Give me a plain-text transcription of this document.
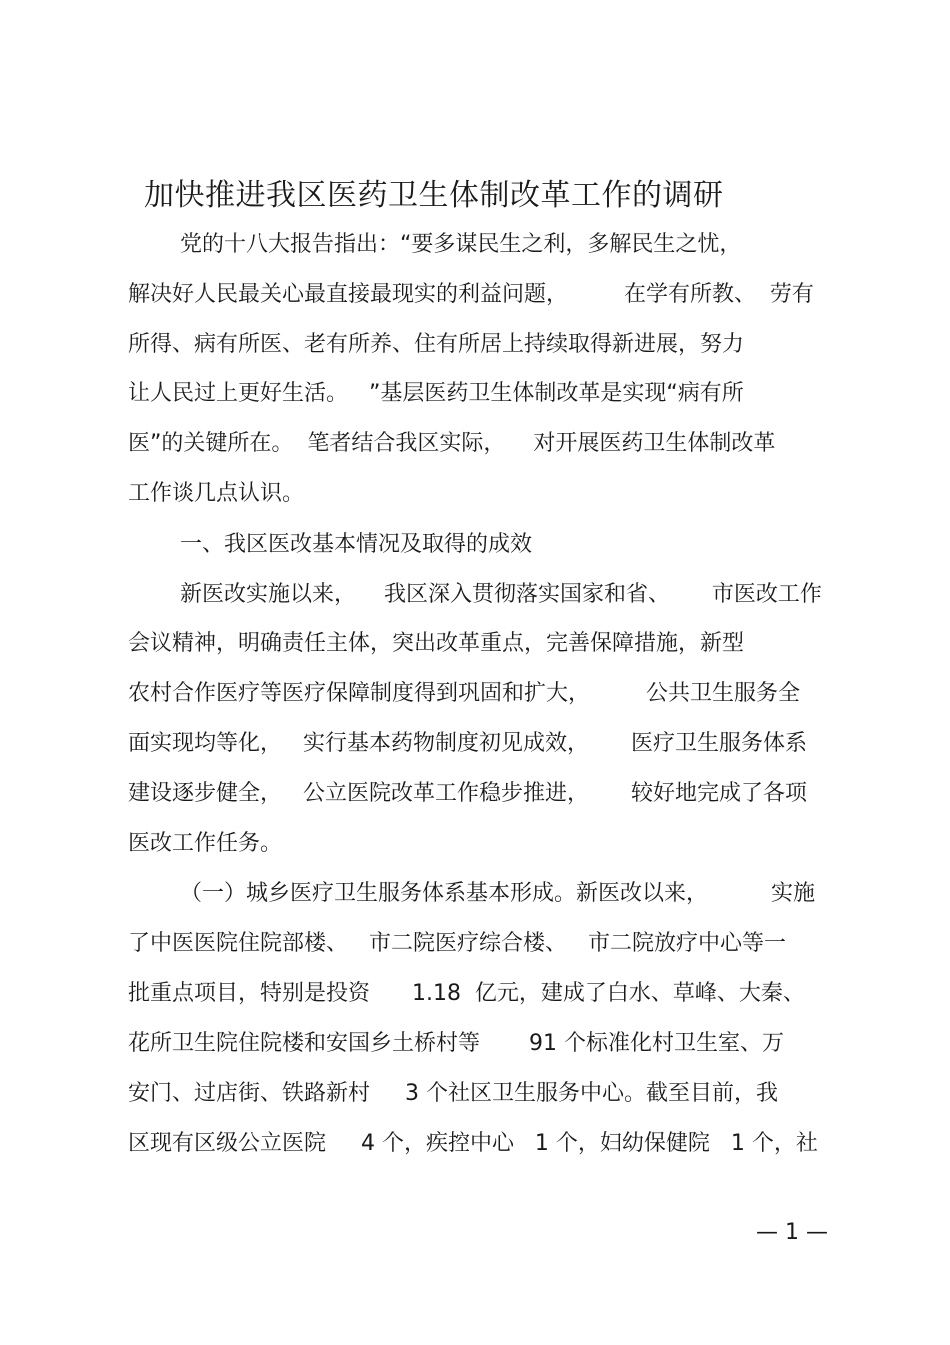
加快推进我区医药卫生体制改革工作的调研
党的十八大报告指出：“要多谋民生之利，多解民生之忧，
解决好人民最关心最直接最现实的利益问题，        在学有所教、  劳有
所得、病有所医、老有所养、住有所居上持续取得新进展，努力
让人民过上更好生活。   ”基层医药卫生体制改革是实现“病有所
医”的关键所在。  笔者结合我区实际，    对开展医药卫生体制改革
工作谈几点认识。
一、我区医改基本情况及取得的成效
新医改实施以来，    我区深入贯彻落实国家和省、      市医改工作
会议精神，明确责任主体，突出改革重点，完善保障措施，新型
农村合作医疗等医疗保障制度得到巩固和扩大，        公共卫生服务全
面实现均等化，   实行基本药物制度初见成效，      医疗卫生服务体系
建设逐步健全，   公立医院改革工作稳步推进，      较好地完成了各项
医改工作任务。
（一）城乡医疗卫生服务体系基本形成。新医改以来，         实施
了中医医院住院部楼、   市二院医疗综合楼、   市二院放疗中心等一
批重点项目，特别是投资      1.18  亿元，建成了白水、草峰、大秦、
花所卫生院住院楼和安国乡土桥村等       91 个标准化村卫生室、万
安门、过店街、铁路新村     3 个社区卫生服务中心。截至目前，我
区现有区级公立医院     4 个，疾控中心   1 个，妇幼保健院   1 个，社
— 1 —
